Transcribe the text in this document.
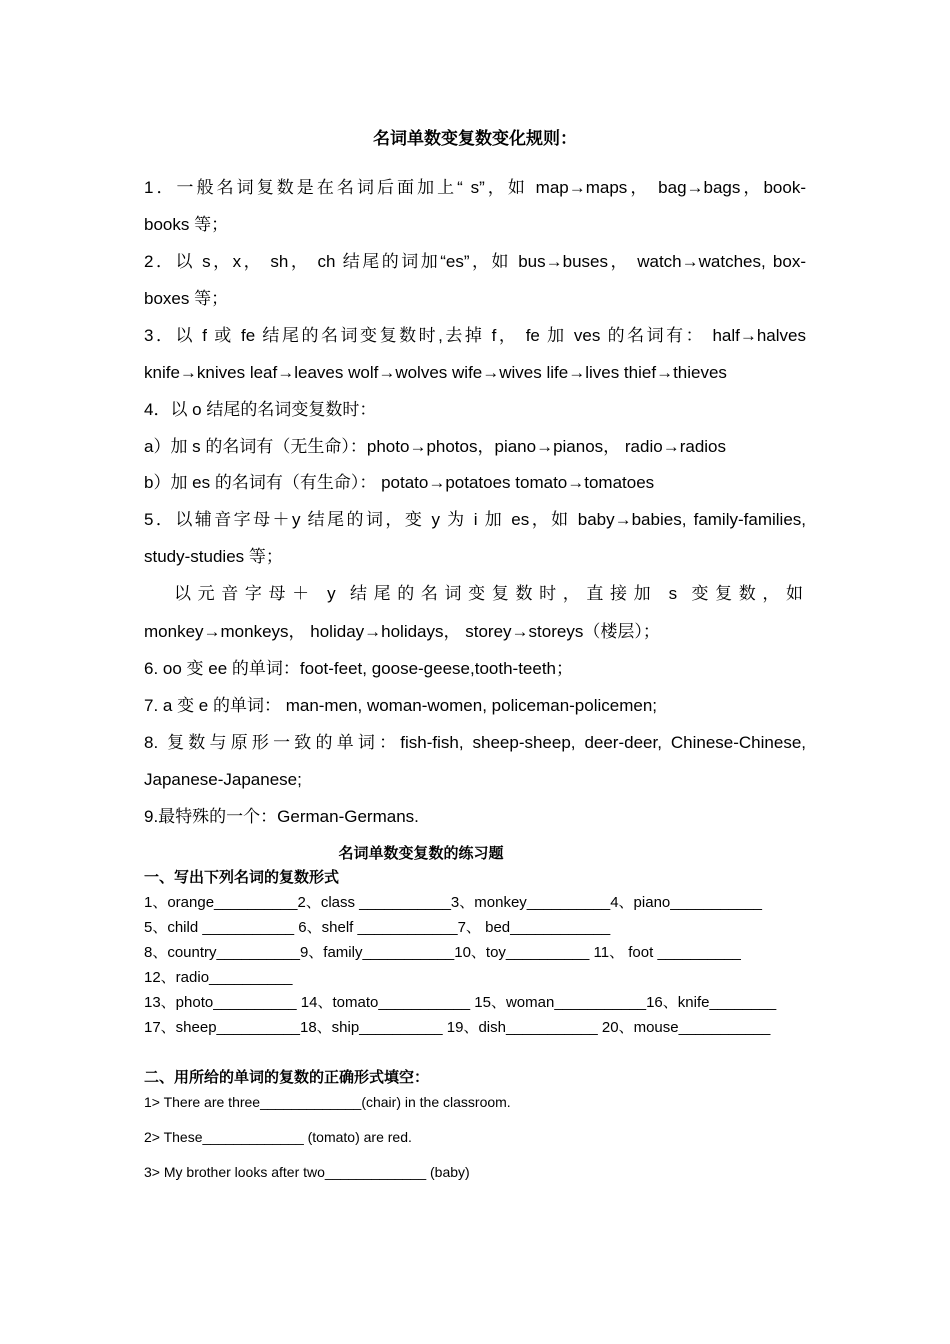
名词单数变复数变化规则：
1．一般名词复数是在名词后面加上“ s”，如 map→maps， bag→bags，book-
books 等；
2．以 s，x， sh， ch 结尾的词加“es”，如 bus→buses， watch→watches, box-
boxes 等；
3．以 f 或 fe 结尾的名词变复数时,去掉 f， fe 加 ves 的名词有： half→halves
knife→knives leaf→leaves wolf→wolves wife→wives life→lives thief→thieves
4．以 o 结尾的名词变复数时：
a）加 s 的名词有（无生命）：photo→photos，piano→pianos， radio→radios
b）加 es 的名词有（有生命）： potato→potatoes tomato→tomatoes
5．以辅音字母＋y 结尾的词，变 y 为 i 加 es，如 baby→babies, family-families,
study-studies 等；
以元音字母＋ y 结尾的名词变复数时，直接加 s 变复数，如
monkey→monkeys， holiday→holidays， storey→storeys（楼层）；
6. oo 变 ee 的单词：foot-feet, goose-geese,tooth-teeth；
7. a 变 e 的单词： man-men, woman-women, policeman-policemen;
8. 复数与原形一致的单词：fish-fish, sheep-sheep, deer-deer, Chinese-Chinese,
Japanese-Japanese;
9.最特殊的一个：German-Germans.
名词单数变复数的练习题
一、写出下列名词的复数形式
1、orange__________2、class ___________3、monkey__________4、piano___________
5、child ___________ 6、shelf ____________7、 bed____________
8、country__________9、family___________10、toy__________ 11、 foot __________
12、radio__________
13、photo__________ 14、tomato___________ 15、woman___________16、knife________
17、sheep__________18、ship__________ 19、dish___________ 20、mouse___________
二、用所给的单词的复数的正确形式填空：
1> There are three_____________(chair) in the classroom.
2> These_____________ (tomato) are red.
3> My brother looks after two_____________ (baby)
